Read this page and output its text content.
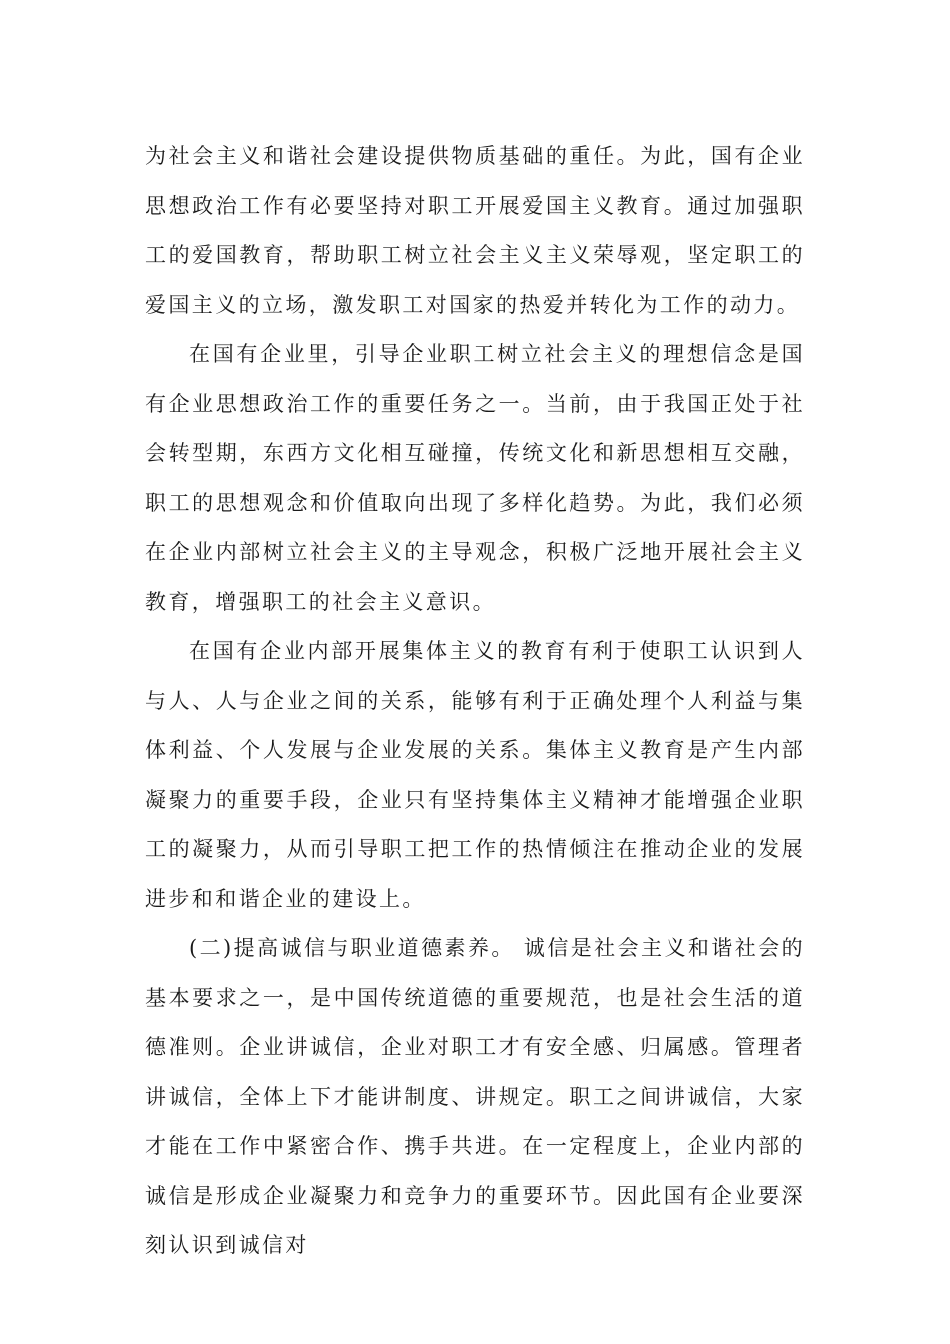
为社会主义和谐社会建设提供物质基础的重任。为此，国有企业思想政治工作有必要坚持对职工开展爱国主义教育。通过加强职工的爱国教育，帮助职工树立社会主义主义荣辱观，坚定职工的爱国主义的立场，激发职工对国家的热爱并转化为工作的动力。

在国有企业里，引导企业职工树立社会主义的理想信念是国有企业思想政治工作的重要任务之一。当前，由于我国正处于社会转型期，东西方文化相互碰撞，传统文化和新思想相互交融，职工的思想观念和价值取向出现了多样化趋势。为此，我们必须在企业内部树立社会主义的主导观念，积极广泛地开展社会主义教育，增强职工的社会主义意识。

在国有企业内部开展集体主义的教育有利于使职工认识到人与人、人与企业之间的关系，能够有利于正确处理个人利益与集体利益、个人发展与企业发展的关系。集体主义教育是产生内部凝聚力的重要手段，企业只有坚持集体主义精神才能增强企业职工的凝聚力，从而引导职工把工作的热情倾注在推动企业的发展进步和和谐企业的建设上。

(二)提高诚信与职业道德素养。 诚信是社会主义和谐社会的基本要求之一，是中国传统道德的重要规范，也是社会生活的道德准则。企业讲诚信，企业对职工才有安全感、归属感。管理者讲诚信，全体上下才能讲制度、讲规定。职工之间讲诚信，大家才能在工作中紧密合作、携手共进。在一定程度上，企业内部的诚信是形成企业凝聚力和竞争力的重要环节。因此国有企业要深刻认识到诚信对
